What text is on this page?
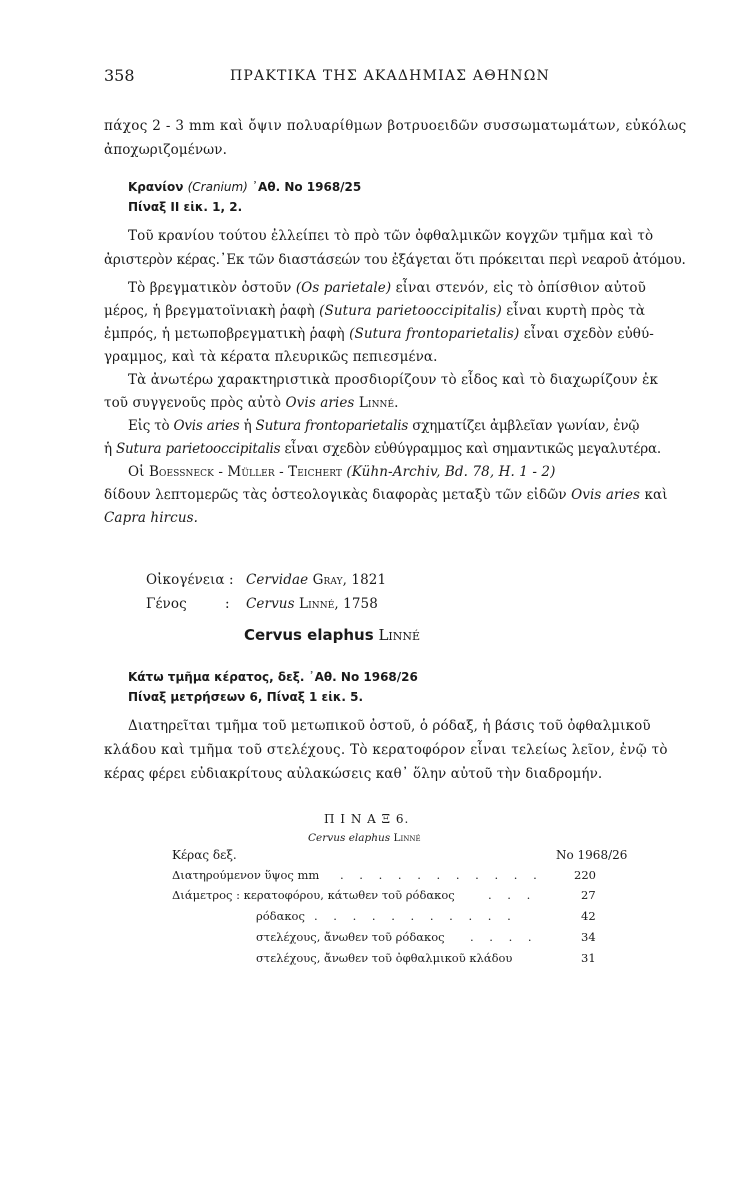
358	ΠΡΑΚΤΙΚΑ ΤΗΣ ΑΚΑΔΗΜΙΑΣ ΑΘΗΝΩΝ
πάχος 2 - 3 mm καὶ ὄψιν πολυαρίθμων βοτρυοειδῶν συσσωματωμάτων, εὐκόλως
ἀποχωριζομένων.
Κρανίον (Cranium) ᾿Αθ. No 1968/25
Πίναξ II εἰκ. 1, 2.
Τοῦ κρανίου τούτου ἐλλείπει τὸ πρὸ τῶν ὀφθαλμικῶν κογχῶν τμῆμα καὶ τὸ
ἀριστερὸν κέρας.᾿Εκ τῶν διαστάσεών του ἐξάγεται ὅτι πρόκειται περὶ νεαροῦ ἀτόμου.
Τὸ βρεγματικὸν ὀστοῦν (Os parietale) εἶναι στενόν, εἰς τὸ ὀπίσθιον αὐτοῦ
μέρος, ἡ βρεγματοϊνιακὴ ῥαφὴ (Sutura parietooccipitalis) εἶναι κυρτὴ πρὸς τὰ
ἐμπρός, ἡ μετωποβρεγματικὴ ῥαφὴ (Sutura frontoparietalis) εἶναι σχεδὸν εὐθύ-
γραμμος, καὶ τὰ κέρατα πλευρικῶς πεπιεσμένα.
Τὰ ἀνωτέρω χαρακτηριστικὰ προσδιορίζουν τὸ εἶδος καὶ τὸ διαχωρίζουν ἐκ
τοῦ συγγενοῦς πρὸς αὐτὸ Ovis aries Linné.
Εἰς τὸ Ovis aries ἡ Sutura frontoparietalis σχηματίζει ἀμβλεῖαν γωνίαν, ἐνῷ
ἡ Sutura parietooccipitalis εἶναι σχεδὸν εὐθύγραμμος καὶ σημαντικῶς μεγαλυτέρα.
Οἱ Boessneck - Müller - Teichert (Kühn-Archiv, Bd. 78, H. 1 - 2)
δίδουν λεπτομερῶς τὰς ὀστεολογικὰς διαφορὰς μεταξὺ τῶν εἰδῶν Ovis aries καὶ
Capra hircus.
Οἰκογένεια : Cervidae Gray, 1821
Γένος	: Cervus Linné, 1758
Cervus elaphus Linné
Κάτω τμῆμα κέρατος, δεξ. ᾿Αθ. No 1968/26
Πίναξ μετρήσεων 6, Πίναξ 1 εἰκ. 5.
Διατηρεῖται τμῆμα τοῦ μετωπικοῦ ὀστοῦ, ὁ ρόδαξ, ἡ βάσις τοῦ ὀφθαλμικοῦ
κλάδου καὶ τμῆμα τοῦ στελέχους. Τὸ κερατοφόρον εἶναι τελείως λεῖον, ἐνῷ τὸ
κέρας φέρει εὐδιακρίτους αὐλακώσεις καθ᾿ ὅλην αὐτοῦ τὴν διαδρομήν.
Π Ι Ν Α Ξ 6.
Cervus elaphus Linné
Κέρας δεξ.	No 1968/26
Διατηρούμενον ὕψος mm . . . . . . . . . . .	220
Διάμετρος : κερατοφόρου, κάτωθεν τοῦ ρόδακος	. . .	27
ρόδακος . . . . . . . . . . .	42
στελέχους, ἄνωθεν τοῦ ρόδακος . . . .	34
στελέχους, ἄνωθεν τοῦ ὀφθαλμικοῦ κλάδου	31
